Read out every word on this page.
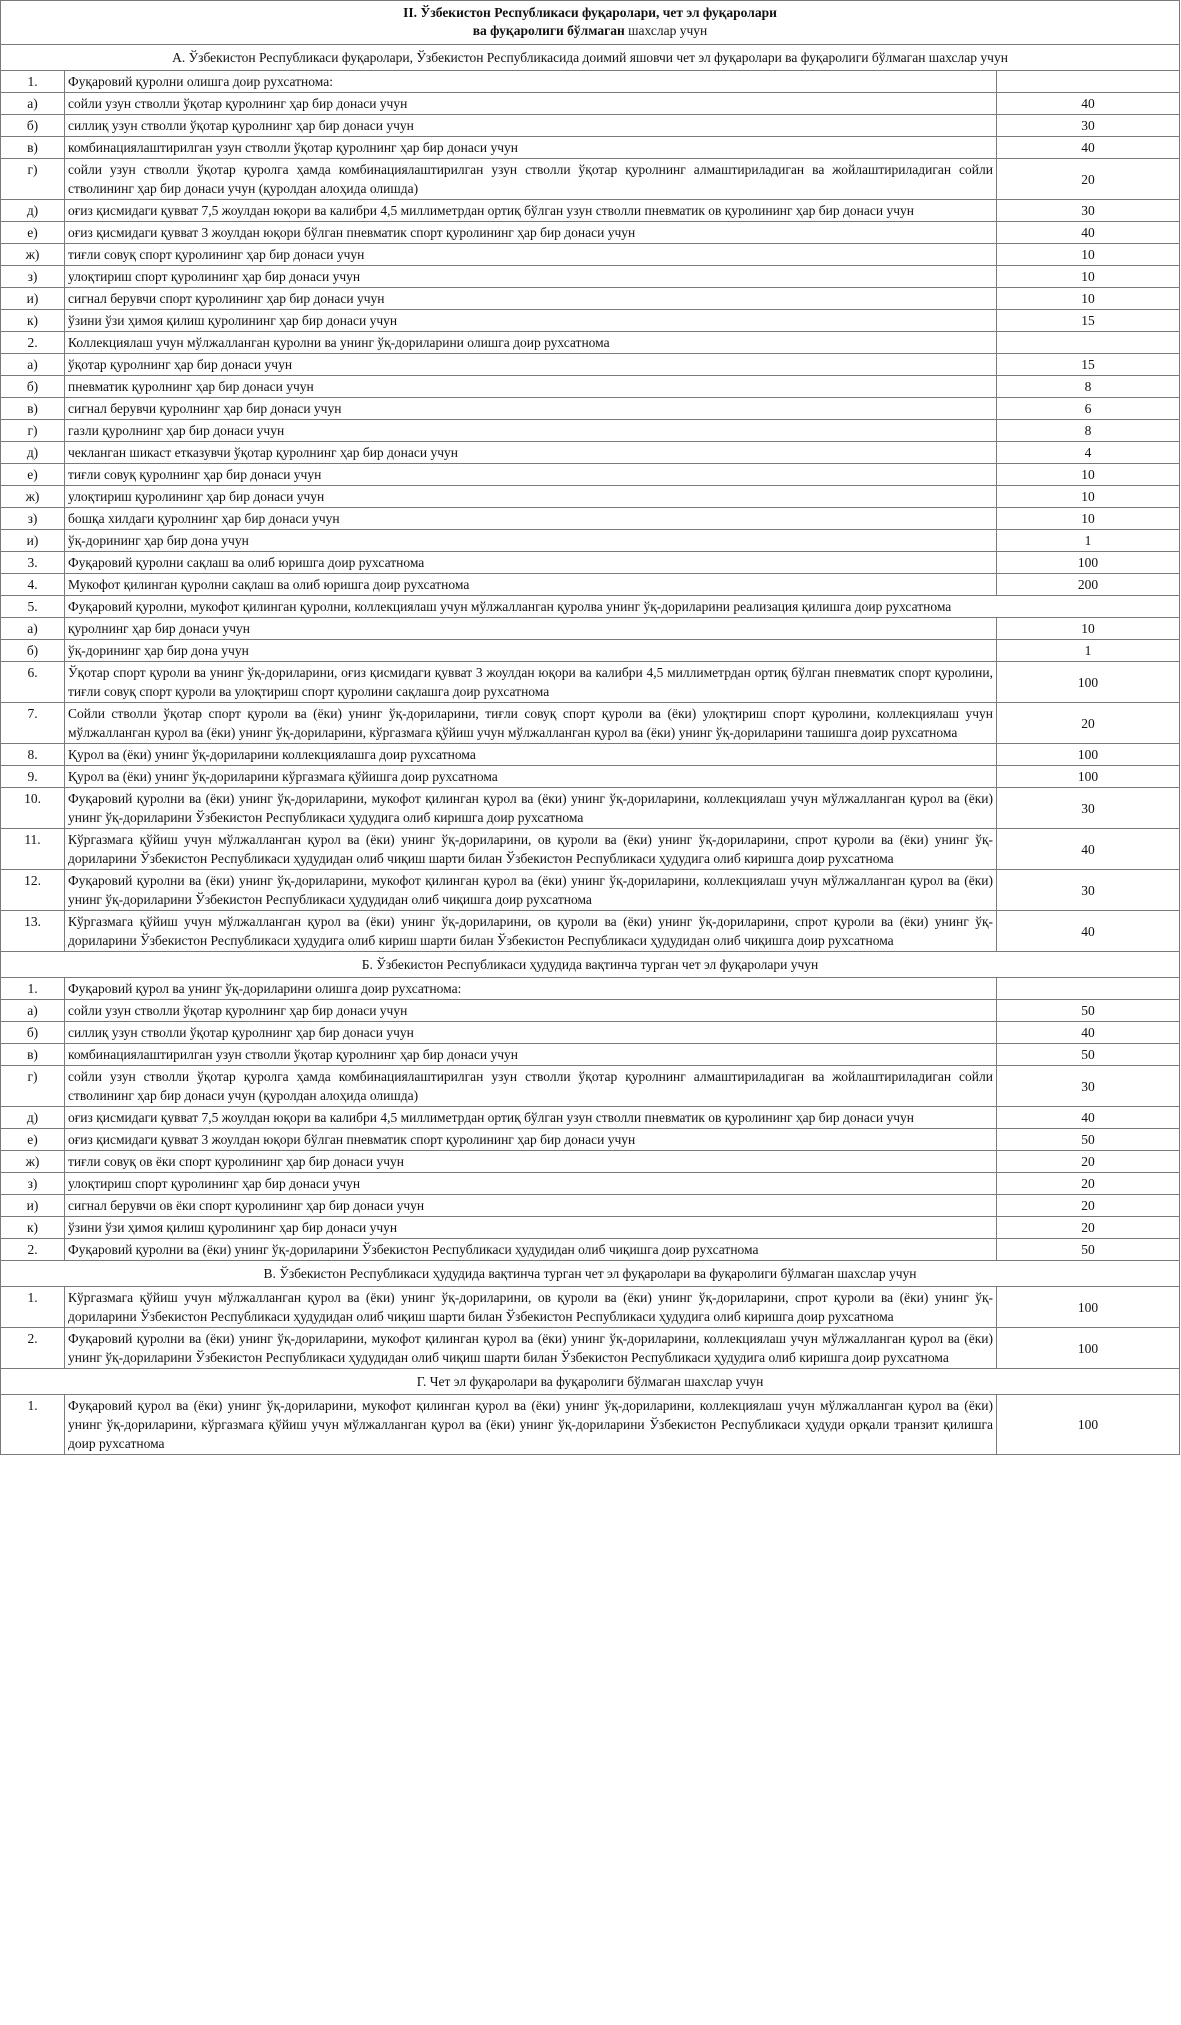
II. Ўзбекистон Республикаси фуқаролари, чет эл фуқаролари
ва фуқаролиги бўлмаган шахслар учун		

А. Ўзбекистон Республикаси фуқаролари, Ўзбекистон Республикасида доимий яшовчи чет эл фуқаролари ва фуқаролиги бўлмаган шахслар учун		
1.	Фуқаровий қуролни олишга доир рухсатнома:	
а)	сойли узун стволли ўқотар қуролнинг ҳар бир донаси учун	40
б)	силлиқ узун стволли ўқотар қуролнинг ҳар бир донаси учун	30
в)	комбинациялаштирилган узун стволли ўқотар қуролнинг ҳар бир донаси учун	40
г)	сойли узун стволли ўқотар қуролга ҳамда комбинациялаштирилган узун стволли ўқотар қуролнинг алмаштириладиган ва жойлаштириладиган сойли стволининг ҳар бир донаси учун (қуролдан алоҳида олишда)	20
д)	оғиз қисмидаги қувват 7,5 жоулдан юқори ва калибри 4,5 миллиметрдан ортиқ бўлган узун стволли пневматик ов қуролининг ҳар бир донаси учун	30
е)	оғиз қисмидаги қувват 3 жоулдан юқори бўлган пневматик спорт қуролининг ҳар бир донаси учун	40
ж)	тиғли совуқ спорт қуролининг ҳар бир донаси учун	10
з)	улоқтириш спорт қуролининг ҳар бир донаси учун	10
и)	сигнал берувчи спорт қуролининг ҳар бир донаси учун	10
к)	ўзини ўзи ҳимоя қилиш қуролининг ҳар бир донаси учун	15
2.	Коллекциялаш учун мўлжалланган қуролни ва унинг ўқ-дориларини олишга доир рухсатнома	
а)	ўқотар қуролнинг ҳар бир донаси учун	15
б)	пневматик қуролнинг ҳар бир донаси учун	8
в)	сигнал берувчи қуролнинг ҳар бир донаси учун	6
г)	газли қуролнинг ҳар бир донаси учун	8
д)	чекланган шикаст етказувчи ўқотар қуролнинг ҳар бир донаси учун	4
е)	тиғли совуқ қуролнинг ҳар бир донаси учун	10
ж)	улоқтириш қуролининг ҳар бир донаси учун	10
з)	бошқа хилдаги қуролнинг ҳар бир донаси учун	10
и)	ўқ-дорининг ҳар бир дона учун	1
3.	Фуқаровий қуролни сақлаш ва олиб юришга доир рухсатнома	100
4.	Мукофот қилинган қуролни сақлаш ва олиб юришга доир рухсатнома	200
5.	Фуқаровий қуролни, мукофот қилинган қуролни, коллекциялаш учун мўлжалланган қуролва унинг ўқ-дориларини реализация қилишга доир рухсатнома	
а)	қуролнинг ҳар бир донаси учун	10
б)	ўқ-дорининг ҳар бир дона учун	1
6.	Ўқотар спорт қуроли ва унинг ўқ-дориларини, оғиз қисмидаги қувват 3 жоулдан юқори ва калибри 4,5 миллиметрдан ортиқ бўлган пневматик спорт қуролини, тиғли совуқ спорт қуроли ва улоқтириш спорт қуролини сақлашга доир рухсатнома	100
7.	Сойли стволли ўқотар спорт қуроли ва (ёки) унинг ўқ-дориларини, тиғли совуқ спорт қуроли ва (ёки) улоқтириш спорт қуролини, коллекциялаш учун мўлжалланган қурол ва (ёки) унинг ўқ-дориларини, кўргазмага қўйиш учун мўлжалланган қурол ва (ёки) унинг ўқ-дориларини ташишга доир рухсатнома	20
8.	Қурол ва (ёки) унинг ўқ-дориларини коллекциялашга доир рухсатнома	100
9.	Қурол ва (ёки) унинг ўқ-дориларини кўргазмага қўйишга доир рухсатнома	100
10.	Фуқаровий қуролни ва (ёки) унинг ўқ-дориларини, мукофот қилинган қурол ва (ёки) унинг ўқ-дориларини, коллекциялаш учун мўлжалланган қурол ва (ёки) унинг ўқ-дориларини Ўзбекистон Республикаси ҳудудига олиб киришга доир рухсатнома	30
11.	Кўргазмага қўйиш учун мўлжалланган қурол ва (ёки) унинг ўқ-дориларини, ов қуроли ва (ёки) унинг ўқ-дориларини, спрот қуроли ва (ёки) унинг ўқ-дориларини Ўзбекистон Республикаси ҳудудидан олиб чиқиш шарти билан Ўзбекистон Республикаси ҳудудига олиб киришга доир рухсатнома	40
12.	Фуқаровий қуролни ва (ёки) унинг ўқ-дориларини, мукофот қилинган қурол ва (ёки) унинг ўқ-дориларини, коллекциялаш учун мўлжалланган қурол ва (ёки) унинг ўқ-дориларини Ўзбекистон Республикаси ҳудудидан олиб чиқишга доир рухсатнома	30
13.	Кўргазмага қўйиш учун мўлжалланган қурол ва (ёки) унинг ўқ-дориларини, ов қуроли ва (ёки) унинг ўқ-дориларини, спрот қуроли ва (ёки) унинг ўқ-дориларини Ўзбекистон Республикаси ҳудудига олиб кириш шарти билан Ўзбекистон Республикаси ҳудудидан олиб чиқишга доир рухсатнома	40
Б. Ўзбекистон Республикаси ҳудудида вақтинча турган чет эл фуқаролари учун		
1.	Фуқаровий қурол ва унинг ўқ-дориларини олишга доир рухсатнома:	
а)	сойли узун стволли ўқотар қуролнинг ҳар бир донаси учун	50
б)	силлиқ узун стволли ўқотар қуролнинг ҳар бир донаси учун	40
в)	комбинациялаштирилган узун стволли ўқотар қуролнинг ҳар бир донаси учун	50
г)	сойли узун стволли ўқотар қуролга ҳамда комбинациялаштирилган узун стволли ўқотар қуролнинг алмаштириладиган ва жойлаштириладиган сойли стволининг ҳар бир донаси учун (қуролдан алоҳида олишда)	30
д)	оғиз қисмидаги қувват 7,5 жоулдан юқори ва калибри 4,5 миллиметрдан ортиқ бўлган узун стволли пневматик ов қуролининг ҳар бир донаси учун	40
е)	оғиз қисмидаги қувват 3 жоулдан юқори бўлган пневматик спорт қуролининг ҳар бир донаси учун	50
ж)	тиғли совуқ ов ёки спорт қуролининг ҳар бир донаси учун	20
з)	улоқтириш спорт қуролининг ҳар бир донаси учун	20
и)	сигнал берувчи ов ёки спорт қуролининг ҳар бир донаси учун	20
к)	ўзини ўзи ҳимоя қилиш қуролининг ҳар бир донаси учун	20
2.	Фуқаровий қуролни ва (ёки) унинг ўқ-дориларини Ўзбекистон Республикаси ҳудудидан олиб чиқишга доир рухсатнома	50
В. Ўзбекистон Республикаси ҳудудида вақтинча турган чет эл фуқаролари ва фуқаролиги бўлмаган шахслар учун		
1.	Кўргазмага қўйиш учун мўлжалланган қурол ва (ёки) унинг ўқ-дориларини, ов қуроли ва (ёки) унинг ўқ-дориларини, спрот қуроли ва (ёки) унинг ўқ-дориларини Ўзбекистон Республикаси ҳудудидан олиб чиқиш шарти билан Ўзбекистон Республикаси ҳудудига олиб киришга доир рухсатнома	100
2.	Фуқаровий қуролни ва (ёки) унинг ўқ-дориларини, мукофот қилинган қурол ва (ёки) унинг ўқ-дориларини, коллекциялаш учун мўлжалланган қурол ва (ёки) унинг ўқ-дориларини Ўзбекистон Республикаси ҳудудидан олиб чиқиш шарти билан Ўзбекистон Республикаси ҳудудига олиб киришга доир рухсатнома	100
Г. Чет эл фуқаролари ва фуқаролиги бўлмаган шахслар учун		
1.	Фуқаровий қурол ва (ёки) унинг ўқ-дориларини, мукофот қилинган қурол ва (ёки) унинг ўқ-дориларини, коллекциялаш учун мўлжалланган қурол ва (ёки) унинг ўқ-дориларини, кўргазмага қўйиш учун мўлжалланган қурол ва (ёки) унинг ўқ-дориларини Ўзбекистон Республикаси ҳудуди орқали транзит қилишга доир рухсатнома	100
